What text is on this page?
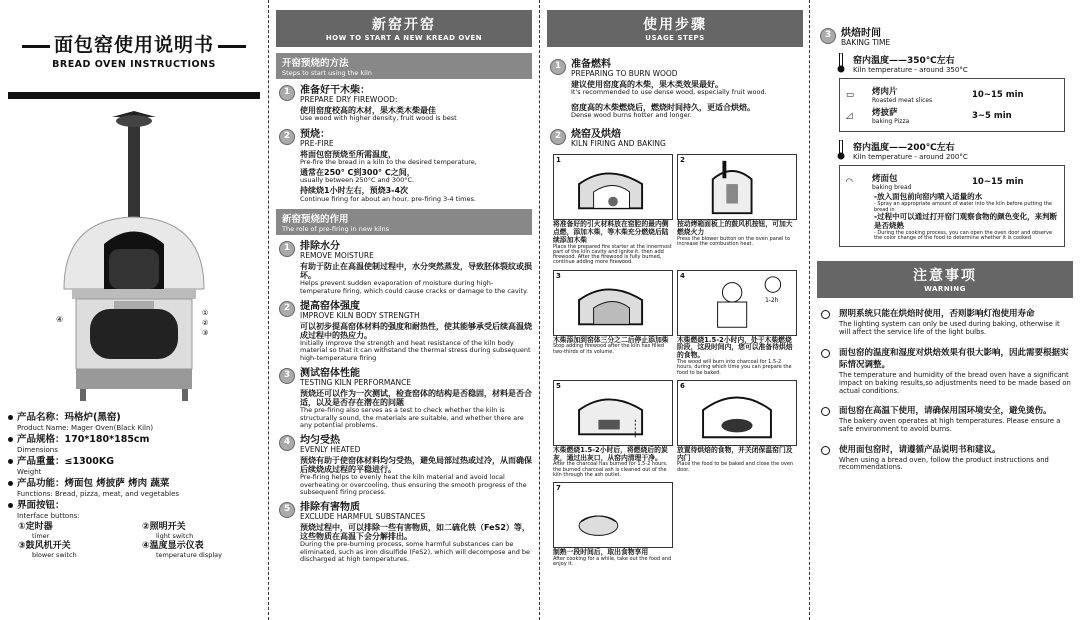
面包窑使用说明书
BREAD OVEN INSTRUCTIONS
④
①
②
③
产品名称：玛格炉(黑窑)
Product Name: Mager Oven(Black Kiln)
产品规格：170*180*185cm
Dimensions
产品重量：≤1300KG
Weight
产品功能：烤面包 烤披萨 烤肉 蔬菜
Functions: Bread, pizza, meat, and vegetables
界面按钮：
Interface buttons:
①定时器
timer
②照明开关
light switch
③鼓风机开关
blower switch
④温度显示仪表
temperature display
新窑开窑
HOW TO START A NEW KREAD OVEN
开窑预烧的方法
Steps to start using the kiln
1 准备好干木柴：
PREPARE DRY FIREWOOD:
使用窑度校高的木材，果木类木柴最佳
Use wood with higher density, fruit wood is best
2 预烧：
PRE-FIRE
将面包窑预烧至所需温度，
Pre-fire the bread in a kiln to the desired temperature,
通常在250° C到300° C之间，
usually between 250°C and 300°C.
持续烧1小时左右，预烧3-4次
Continue firing for about an hour, pre-firing 3-4 times.
新窑预烧的作用
The role of pre-firing in new kilns
1 排除水分
REMOVE MOISTURE
有助于防止在高温使制过程中，水分突然蒸发，导致胚体裂纹或损坏。
Helps prevent sudden evaporation of moisture during high-temperature firing, which could cause cracks or damage to the cavity.
2 提高窑体强度
IMPROVE KILN BODY STRENGTH
可以初步提高窑体材料的强度和耐热性，使其能够承受后续高温烧成过程中的热应力。
Initially improve the strength and heat resistance of the kiln body material so that it can withstand the thermal stress during subsequent high-temperature firing
3 测试窑体性能
TESTING KILN PERFORMANCE
预烧还可以作为一次测试，检查窑体的结构是否稳固，材料是否合适，以及是否存在潜在的问题
The pre-firing also serves as a test to check whether the kiln is structurally sound, the materials are suitable, and whether there are any potential problems.
4 均匀受热
EVENLY HEATED
预烧有助于使窑体材料均匀受热，避免局部过热或过冷，从而确保后续烧成过程的平稳进行。
Pre-firing helps to evenly heat the kiln material and avoid local overheating or overcooling, thus ensuring the smooth progress of the subsequent firing process.
5 排除有害物质
EXCLUDE HARMFUL SUBSTANCES
预烧过程中，可以排除一些有害物质，如二硫化铁（FeS2）等，这些物质在高温下会分解排出。
During the pre-burning process, some harmful substances can be eliminated, such as iron disulfide (FeS2), which will decompose and be discharged at high temperatures.
使用步骤
USAGE STEPS
1 准备燃料
PREPARING TO BURN WOOD
建议使用窑度高的木柴，果木类效果最好。
It's recommended to use dense wood, especially fruit wood.
窑度高的木柴燃烧后，燃烧时间持久，更适合烘焙。
Dense wood burns hotter and longer.
2 烧窑及烘焙
KILN FIRING AND BAKING
1
将准备好的引火材料放在窑腔的最内侧点燃，添加木柴，等木柴充分燃烧后陆续添加木柴
Place the prepared fire starter at the innermost part of the kiln cavity and ignite it. then add firewood. After the firewood is fully burned, continue adding more firewood.
2
按动烤箱面板上的鼓风机按钮，可加大燃烧火力
Press the blower button on the oven panel to increase the combustion heat.
3
木柴添加到窑体三分之二后停止添加柴
Stop adding firewood after the kiln has filled two-thirds of its volume.
4
1-2h
木柴燃烧1.5-2小时内，处于木柴燃烧阶段，这段时间内，您可以准备待烘焙的食物。
The wood will burn into charcoal for 1.5-2 hours, during which time you can prepare the food to be baked.
5
木柴燃烧1.5-2小时后，将燃烧后的炭灰，通过出灰口，从窑内清理干净。
After the charcoal has burned for 1.5-2 hours, the burned charcoal ash is cleaned out of the kiln through the ash outlet.
6
放置待烘焙的食物，并关闭保温窑门及内门
Place the food to be baked and close the oven door.
7
制熟一段时间后，取出食物享用
After cooking for a while, take out the food and enjoy it.
3 烘焙时间
BAKING TIME
窑内温度——350℃左右
Kiln temperature - around 350°C
▭	烤肉片
Roasted meat slices
10~15 min
◿	烤披萨
baking Pizza
3~5 min
窑内温度——200℃左右
Kiln temperature - around 200°C
◠	烤面包
baking bread
10~15 min
-放入面包前向窑内喷入适量的水
- Spray an appropriate amount of water into the kiln before putting the bread in
-过程中可以通过打开窑门观察食物的颜色变化，来判断是否烧熟
- During the cooking process, you can open the oven door and observe the color change of the food to determine whether it is cooked
注意事项
WARNING
照明系统只能在烘焙时使用，否则影响灯泡使用寿命
The lighting system can only be used during baking, otherwise it will affect the service life of the light bulbs.
面包窑的温度和湿度对烘焙效果有很大影响，因此需要根据实际情况调整。
The temperature and humidity of the bread oven have a significant impact on baking results,so adjustments need to be made based on actual conditions.
面包窑在高温下使用，请确保用国环境安全，避免烫伤。
The bakery oven operates at high temperatures. Please ensure a safe environment to avoid burns.
使用面包窑时，请遵循产品说明书和建议。
When using a bread oven, follow the product instructions and recommendations.
